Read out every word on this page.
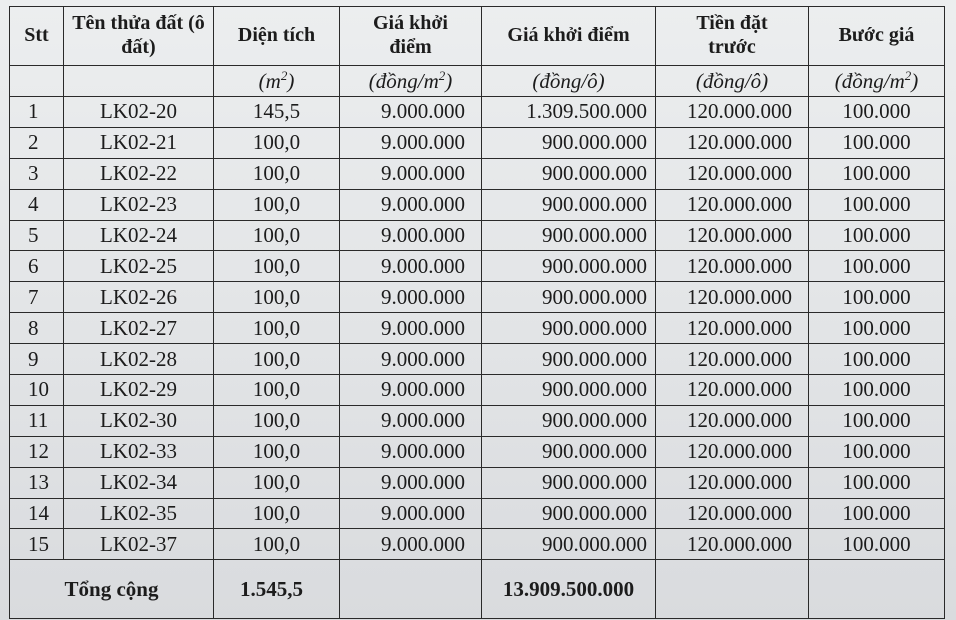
Stt	Tên thửa đất (ô đất)	Diện tích	Giá khởi điểm	Giá khởi điểm	Tiền đặt trước	Bước giá
		$(m^2)$	$(đồng/m^2)$	(đồng/ô)	(đồng/ô)	$(đồng/m^2)$
1	LK02-20	145,5	9.000.000	1.309.500.000	120.000.000	100.000
2	LK02-21	100,0	9.000.000	900.000.000	120.000.000	100.000
3	LK02-22	100,0	9.000.000	900.000.000	120.000.000	100.000
4	LK02-23	100,0	9.000.000	900.000.000	120.000.000	100.000
5	LK02-24	100,0	9.000.000	900.000.000	120.000.000	100.000
6	LK02-25	100,0	9.000.000	900.000.000	120.000.000	100.000
7	LK02-26	100,0	9.000.000	900.000.000	120.000.000	100.000
8	LK02-27	100,0	9.000.000	900.000.000	120.000.000	100.000
9	LK02-28	100,0	9.000.000	900.000.000	120.000.000	100.000
10	LK02-29	100,0	9.000.000	900.000.000	120.000.000	100.000
11	LK02-30	100,0	9.000.000	900.000.000	120.000.000	100.000
12	LK02-33	100,0	9.000.000	900.000.000	120.000.000	100.000
13	LK02-34	100,0	9.000.000	900.000.000	120.000.000	100.000
14	LK02-35	100,0	9.000.000	900.000.000	120.000.000	100.000
15	LK02-37	100,0	9.000.000	900.000.000	120.000.000	100.000
Tổng cộng		1.545,5		13.909.500.000		
